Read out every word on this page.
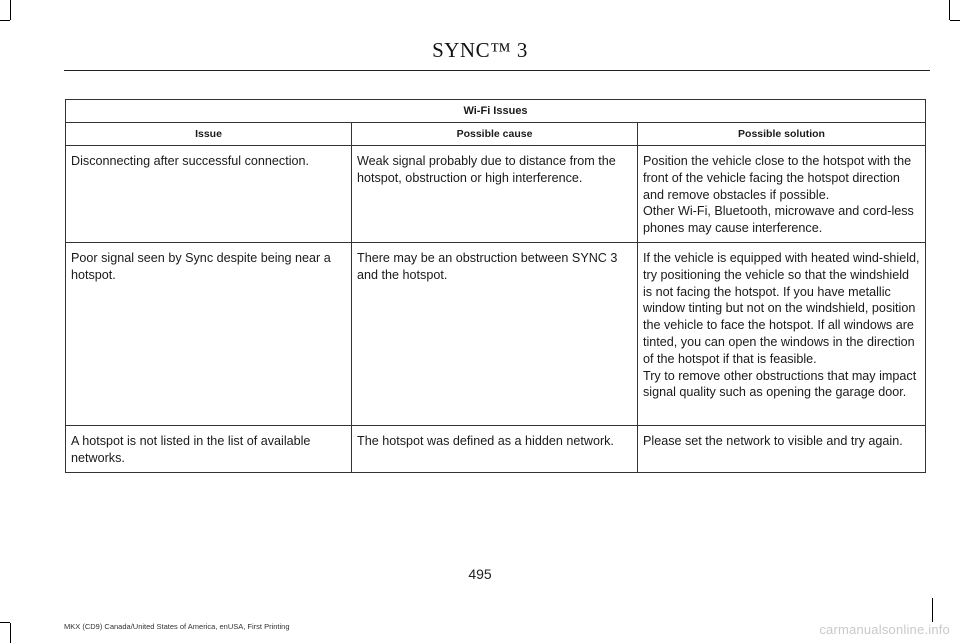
SYNC™ 3
Wi-Fi Issues		
Issue	Possible cause	Possible solution
Disconnecting after successful connection.	Weak signal probably due to distance from the hotspot, obstruction or high interference.	Position the vehicle close to the hotspot with the front of the vehicle facing the hotspot direction and remove obstacles if possible.
Other Wi-Fi, Bluetooth, microwave and cord-less phones may cause interference.

Poor signal seen by Sync despite being near a hotspot.	There may be an obstruction between SYNC 3 and the hotspot.	If the vehicle is equipped with heated wind-shield, try positioning the vehicle so that the windshield is not facing the hotspot. If you have metallic window tinting but not on the windshield, position the vehicle to face the hotspot. If all windows are tinted, you can open the windows in the direction of the hotspot if that is feasible.
Try to remove other obstructions that may impact signal quality such as opening the garage door.

A hotspot is not listed in the list of available networks.	The hotspot was defined as a hidden network.	Please set the network to visible and try again.
495
MKX (CD9) Canada/United States of America, enUSA, First Printing	carmanualsonline.info
